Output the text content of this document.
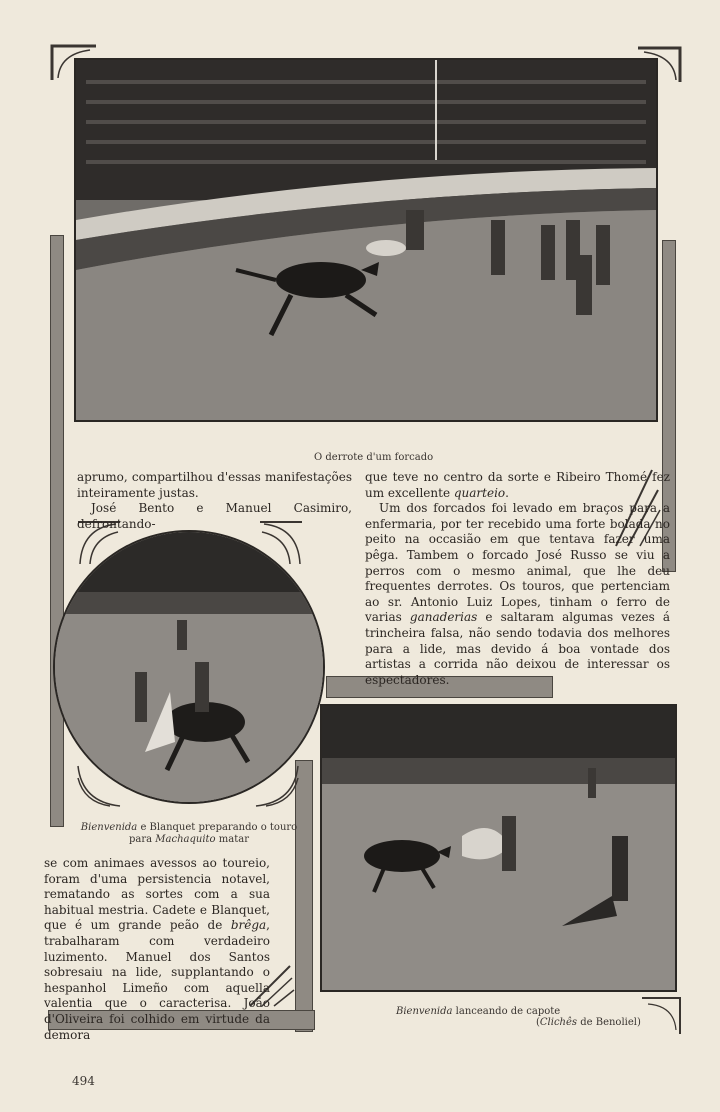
O derrote d'um forcado

aprumo, compartilhou d'essas manifestações inteiramente justas.

José Bento e Manuel Casimiro, defrontando-

que teve no centro da sorte e Ribeiro Thomé fez um excellente quarteio.

Um dos forcados foi levado em braços para a enfermaria, por ter recebido uma forte bolada no peito na occasião em que tentava fazer uma pêga. Tambem o forcado José Russo se viu a perros com o mesmo animal, que lhe deu frequentes derrotes. Os touros, que pertenciam ao sr. Antonio Luiz Lopes, tinham o ferro de varias ganaderias e saltaram algumas vezes á trincheira falsa, não sendo todavia dos melhores para a lide, mas devido á boa vontade dos artistas a corrida não deixou de interessar os espectadores.

Bienvenida e Blanquet preparando o touro
para Machaquito matar

se com animaes avessos ao toureio, foram d'uma persistencia notavel, rematando as sortes com a sua habitual mestria. Cadete e Blanquet, que é um grande peão de brêga, trabalharam com verdadeiro luzimento. Manuel dos Santos sobresaiu na lide, supplantando o hespanhol Limeño com aquella valentia que o caracterisa. João d'Oliveira foi colhido em virtude da demora

Bienvenida lanceando de capote
(Clichês de Benoliel)
494
